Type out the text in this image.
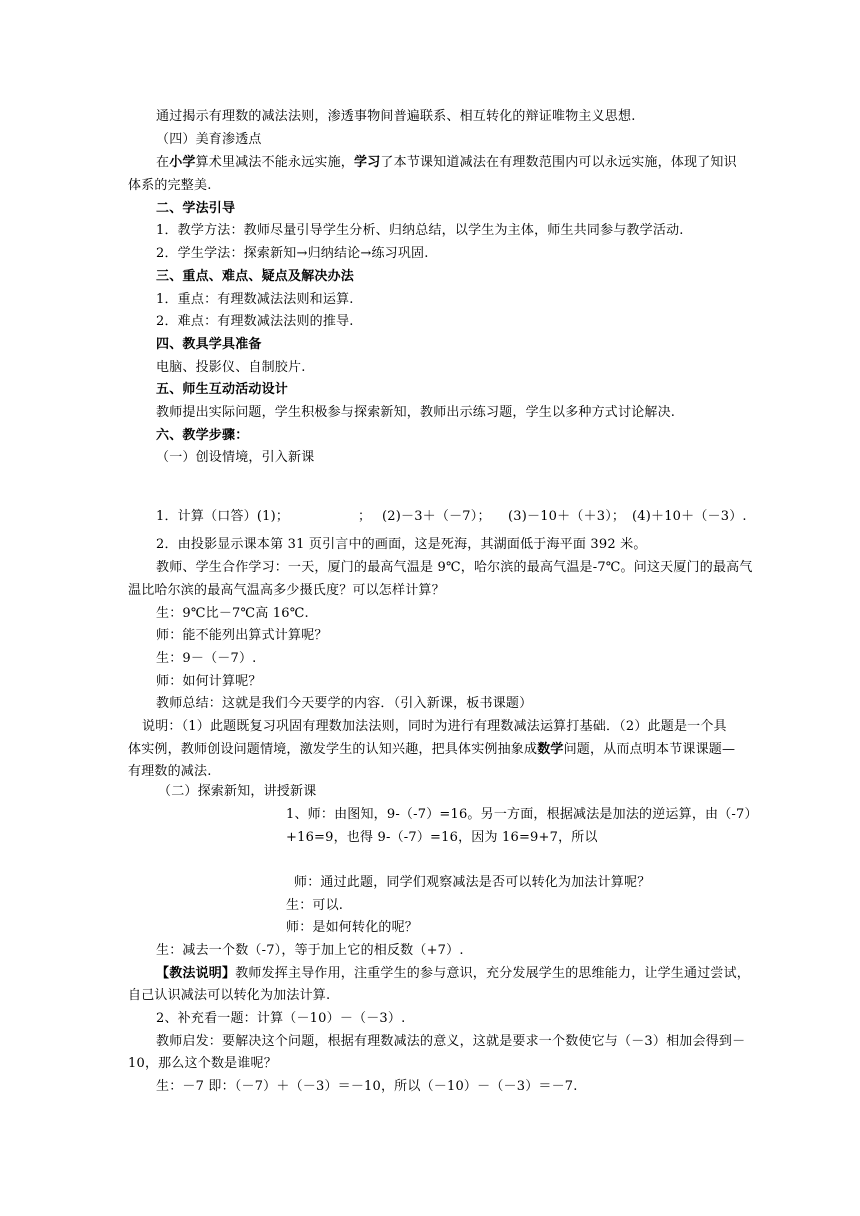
通过揭示有理数的减法法则，渗透事物间普遍联系、相互转化的辩证唯物主义思想.
（四）美育渗透点
在小学算术里减法不能永远实施，学习了本节课知道减法在有理数范围内可以永远实施，体现了知识
体系的完整美.
二、学法引导
1．教学方法：教师尽量引导学生分析、归纳总结，以学生为主体，师生共同参与教学活动.
2．学生学法：探索新知→归纳结论→练习巩固.
三、重点、难点、疑点及解决办法
1．重点：有理数减法法则和运算.
2．难点：有理数减法法则的推导.
四、教具学具准备
电脑、投影仪、自制胶片.
五、师生互动活动设计
教师提出实际问题，学生积极参与探索新知，教师出示练习题，学生以多种方式讨论解决.
六、教学步骤：
（一）创设情境，引入新课
1．计算（口答）(1)；	； (2)－3＋（－7）； (3)－10＋（＋3）； (4)＋10＋（－3）.
2．由投影显示课本第 31 页引言中的画面，这是死海，其湖面低于海平面 392 米。
教师、学生合作学习：一天，厦门的最高气温是 9℃，哈尔滨的最高气温是-7℃。问这天厦门的最高气
温比哈尔滨的最高气温高多少摄氏度？可以怎样计算？
生：9℃比－7℃高 16℃.
师：能不能列出算式计算呢？
生：9－（－7）.
师：如何计算呢？
教师总结：这就是我们今天要学的内容．（引入新课，板书课题）
说明：（1）此题既复习巩固有理数加法法则，同时为进行有理数减法运算打基础．（2）此题是一个具
体实例，教师创设问题情境，激发学生的认知兴趣，把具体实例抽象成数学问题，从而点明本节课课题—
有理数的减法.
（二）探索新知，讲授新课
1、师：由图知，9-（-7）=16。另一方面，根据减法是加法的逆运算，由（-7）
+16=9，也得 9-（-7）=16，因为 16=9+7，所以
师：通过此题，同学们观察减法是否可以转化为加法计算呢？
生：可以.
师：是如何转化的呢？
生：减去一个数（-7），等于加上它的相反数（+7）.
【教法说明】教师发挥主导作用，注重学生的参与意识，充分发展学生的思维能力，让学生通过尝试，
自己认识减法可以转化为加法计算.
2、补充看一题：计算（－10）－（－3）.
教师启发：要解决这个问题，根据有理数减法的意义，这就是要求一个数使它与（－3）相加会得到－
10，那么这个数是谁呢？
生：－7 即：（－7）＋（－3）＝－10，所以（－10）－（－3）＝－7.
